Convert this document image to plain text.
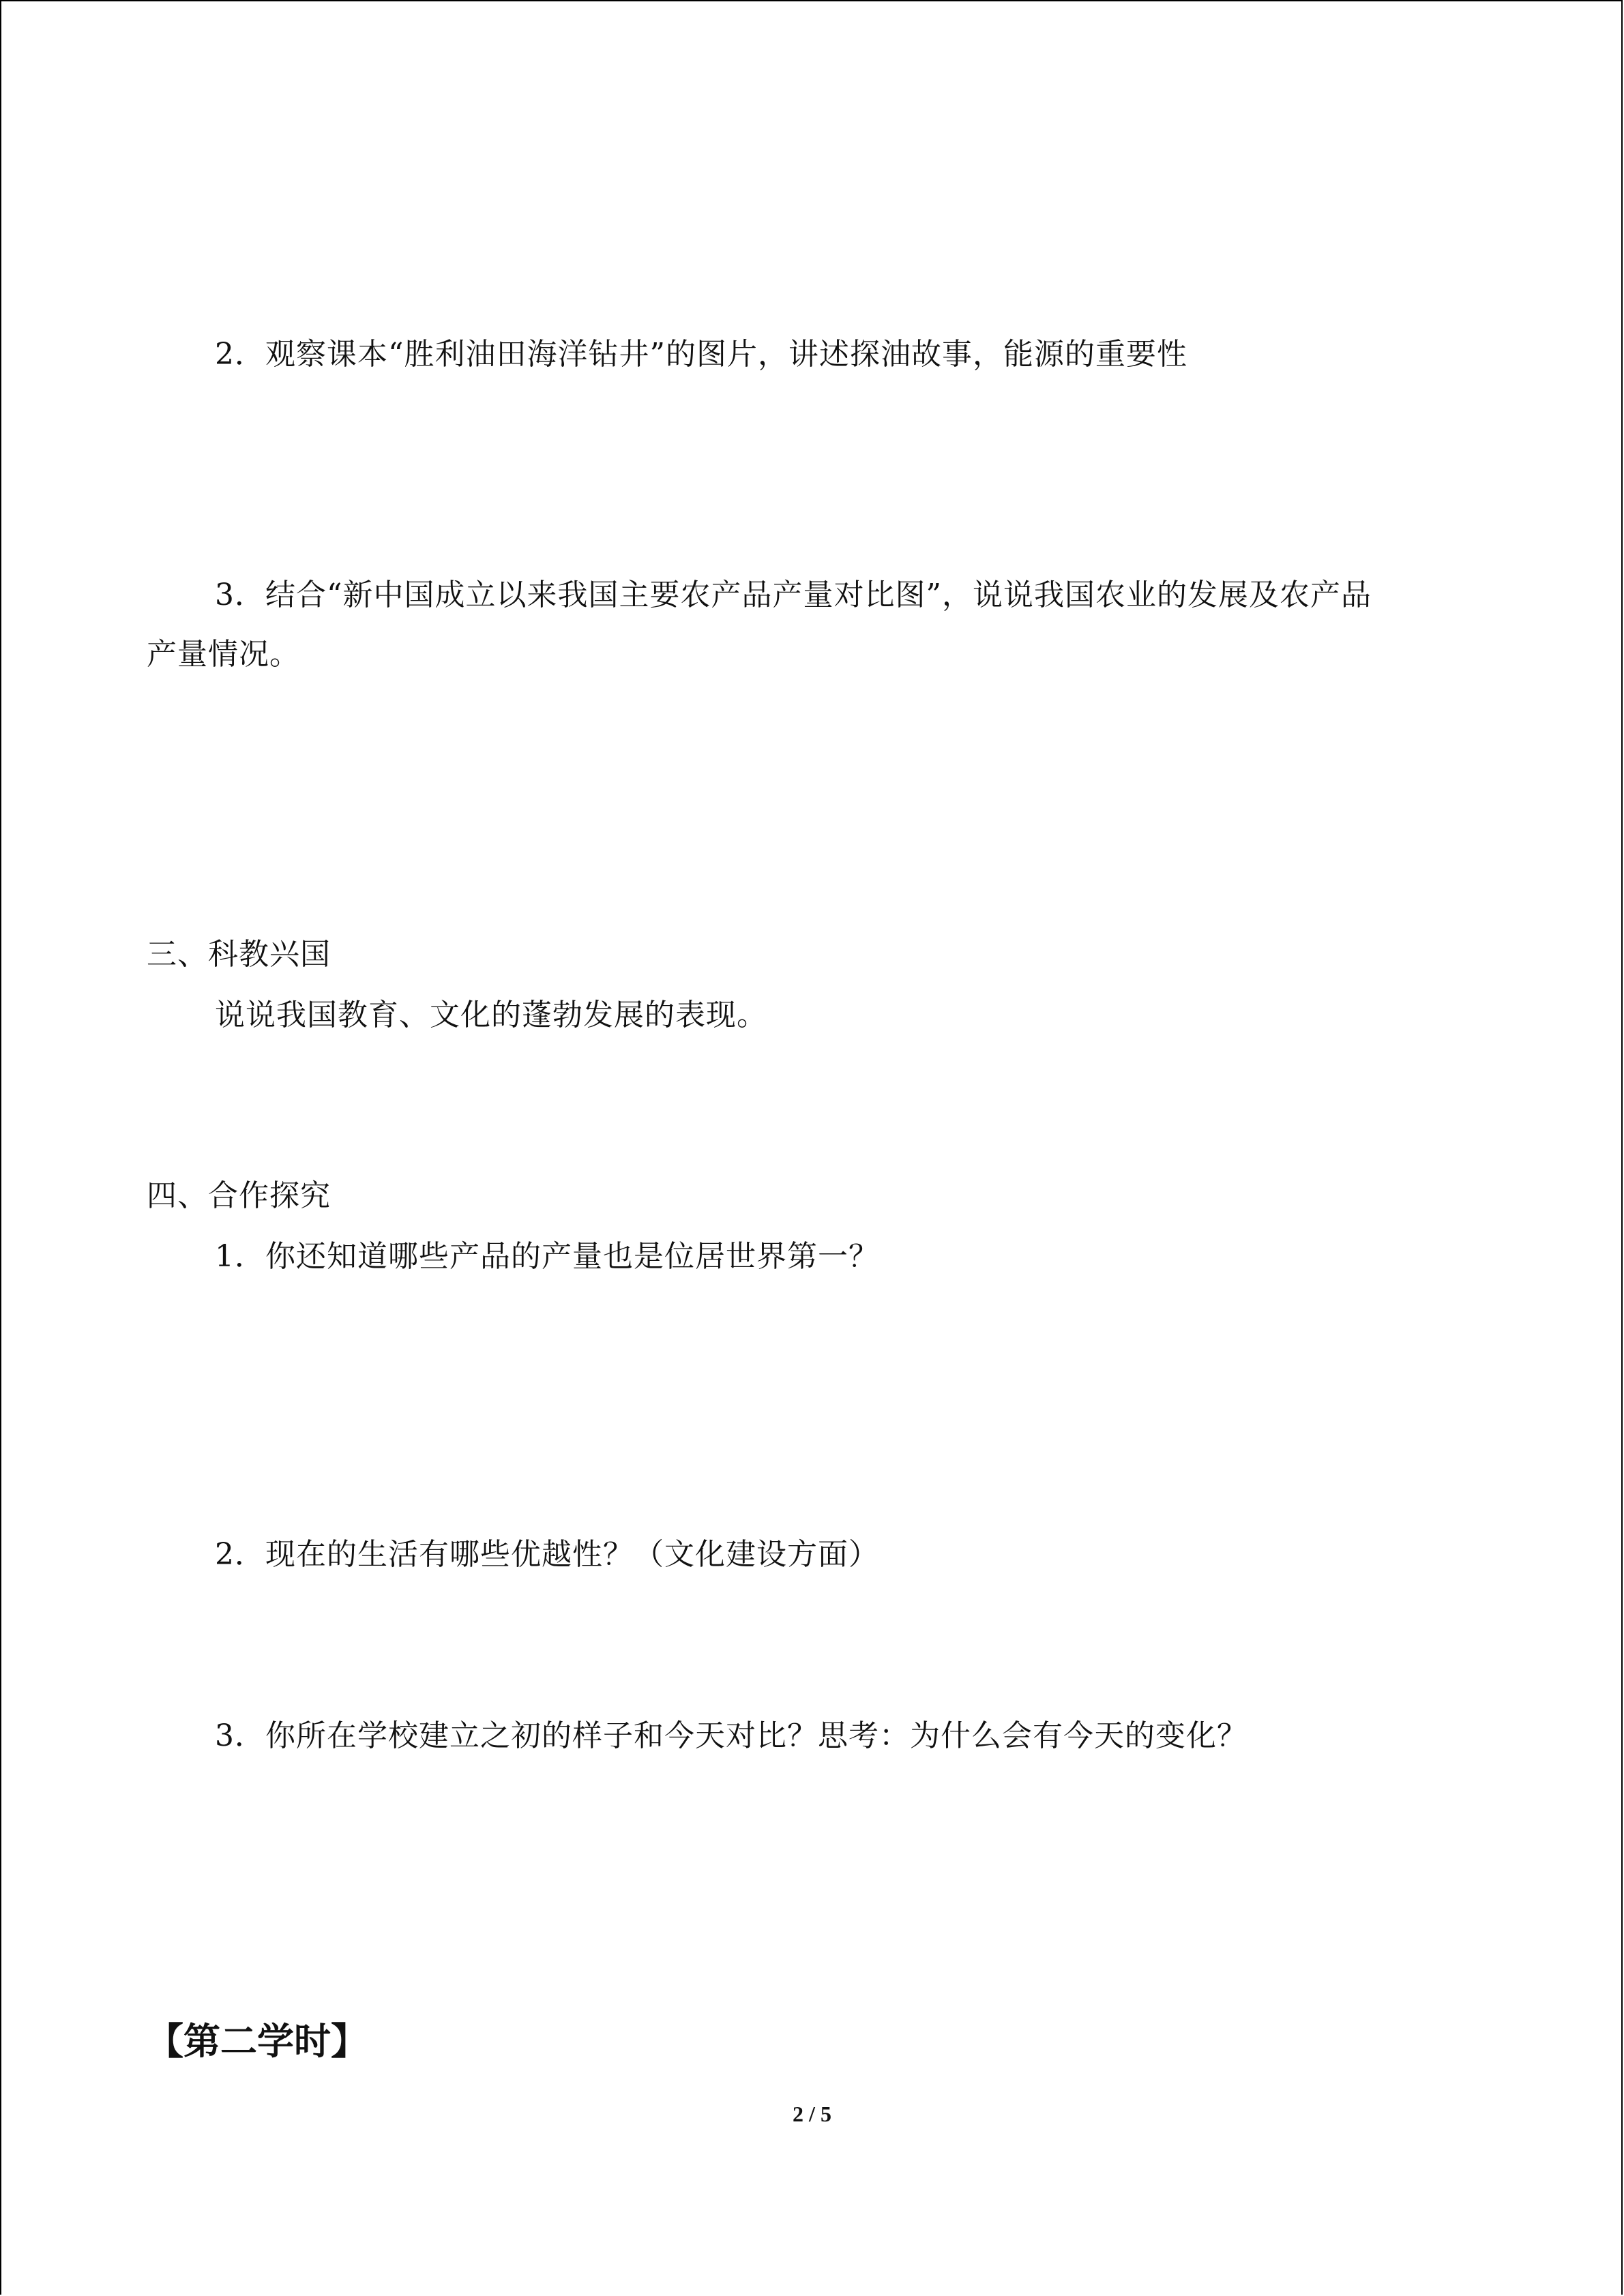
2．观察课本“胜利油田海洋钻井”的图片，讲述探油故事，能源的重要性
3．结合“新中国成立以来我国主要农产品产量对比图”，说说我国农业的发展及农产品
产量情况。
三、科教兴国
说说我国教育、文化的蓬勃发展的表现。
四、合作探究
1．你还知道哪些产品的产量也是位居世界第一？
2．现在的生活有哪些优越性？（文化建设方面）
3．你所在学校建立之初的样子和今天对比？思考：为什么会有今天的变化？
【第二学时】
2 / 5
